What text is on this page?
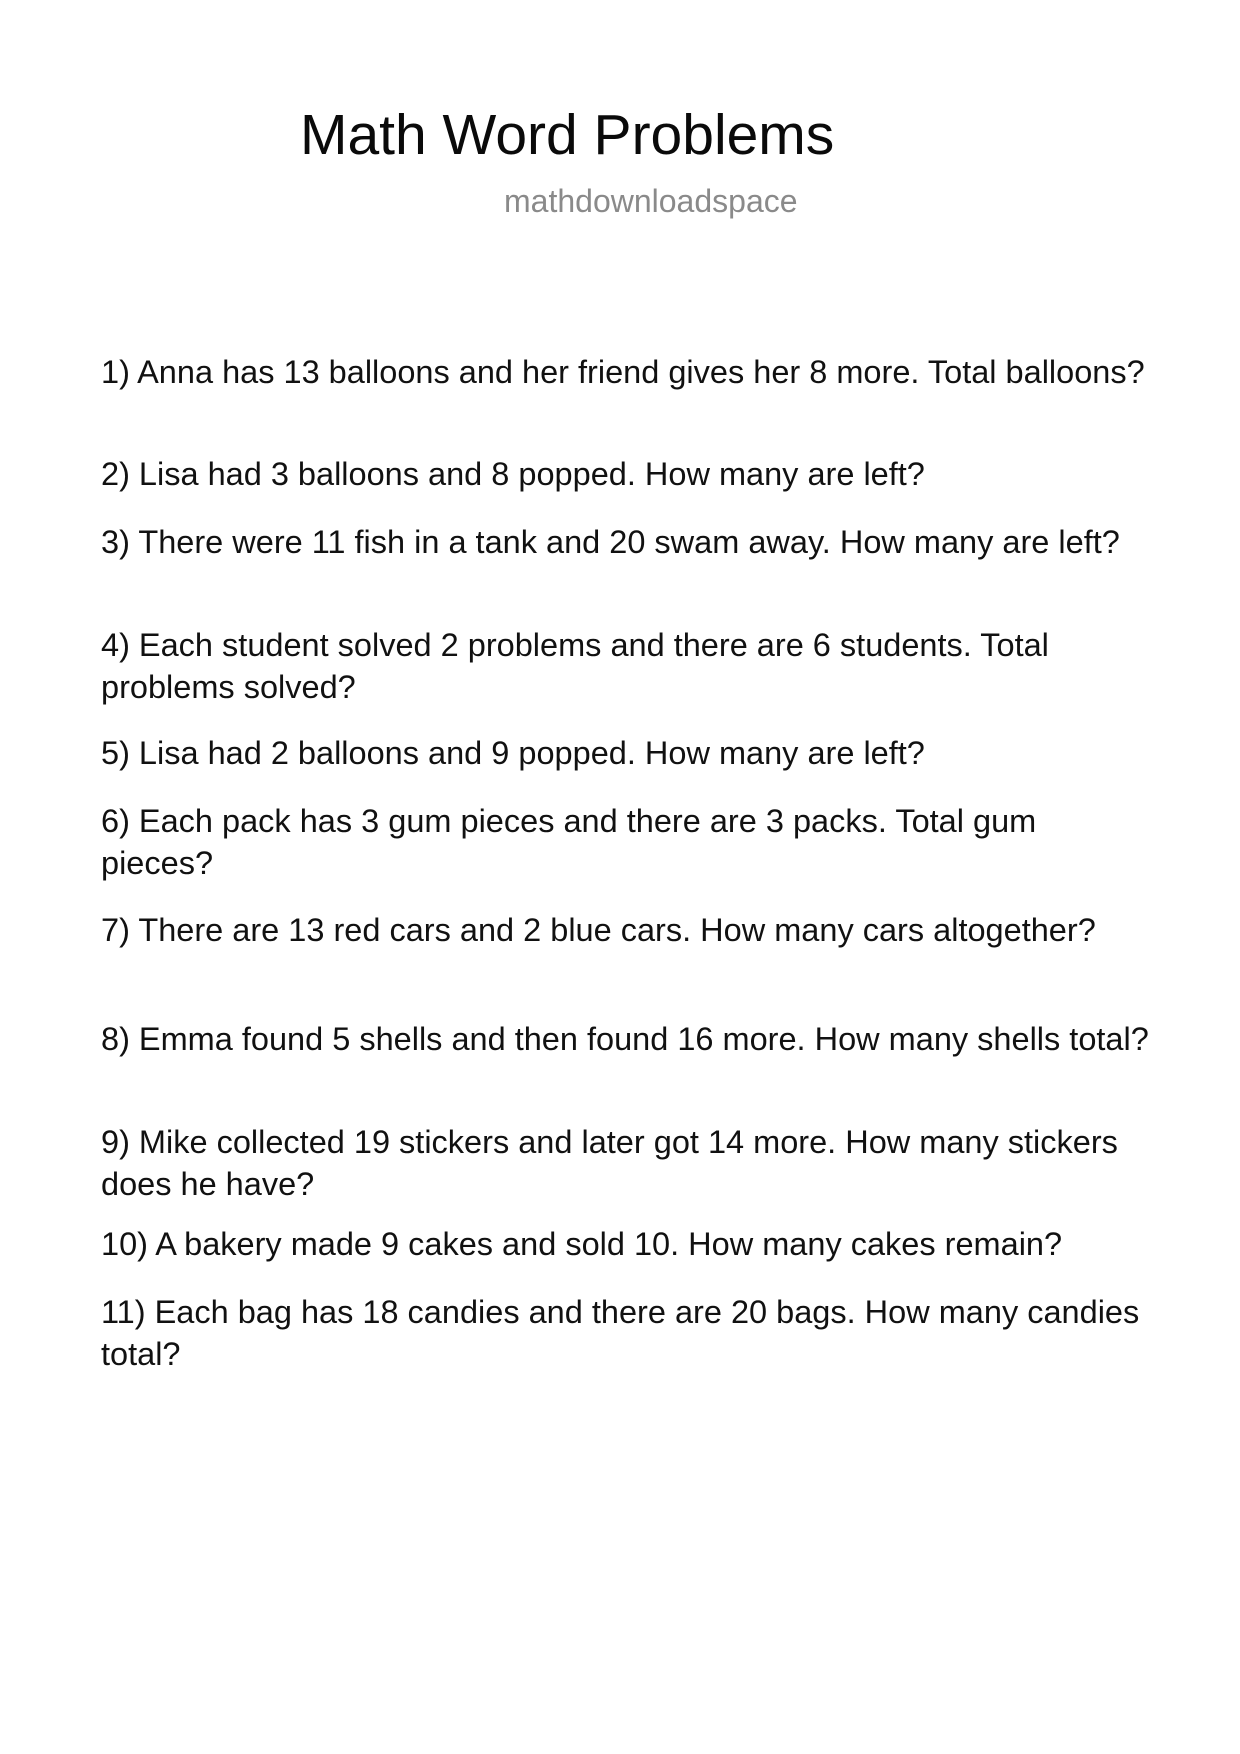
Math Word Problems
mathdownloadspace
1) Anna has 13 balloons and her friend gives her 8 more. Total balloons?
2) Lisa had 3 balloons and 8 popped. How many are left?
3) There were 11 fish in a tank and 20 swam away. How many are left?
4) Each student solved 2 problems and there are 6 students. Total problems solved?
5) Lisa had 2 balloons and 9 popped. How many are left?
6) Each pack has 3 gum pieces and there are 3 packs. Total gum pieces?
7) There are 13 red cars and 2 blue cars. How many cars altogether?
8) Emma found 5 shells and then found 16 more. How many shells total?
9) Mike collected 19 stickers and later got 14 more. How many stickers does he have?
10) A bakery made 9 cakes and sold 10. How many cakes remain?
11) Each bag has 18 candies and there are 20 bags. How many candies total?
